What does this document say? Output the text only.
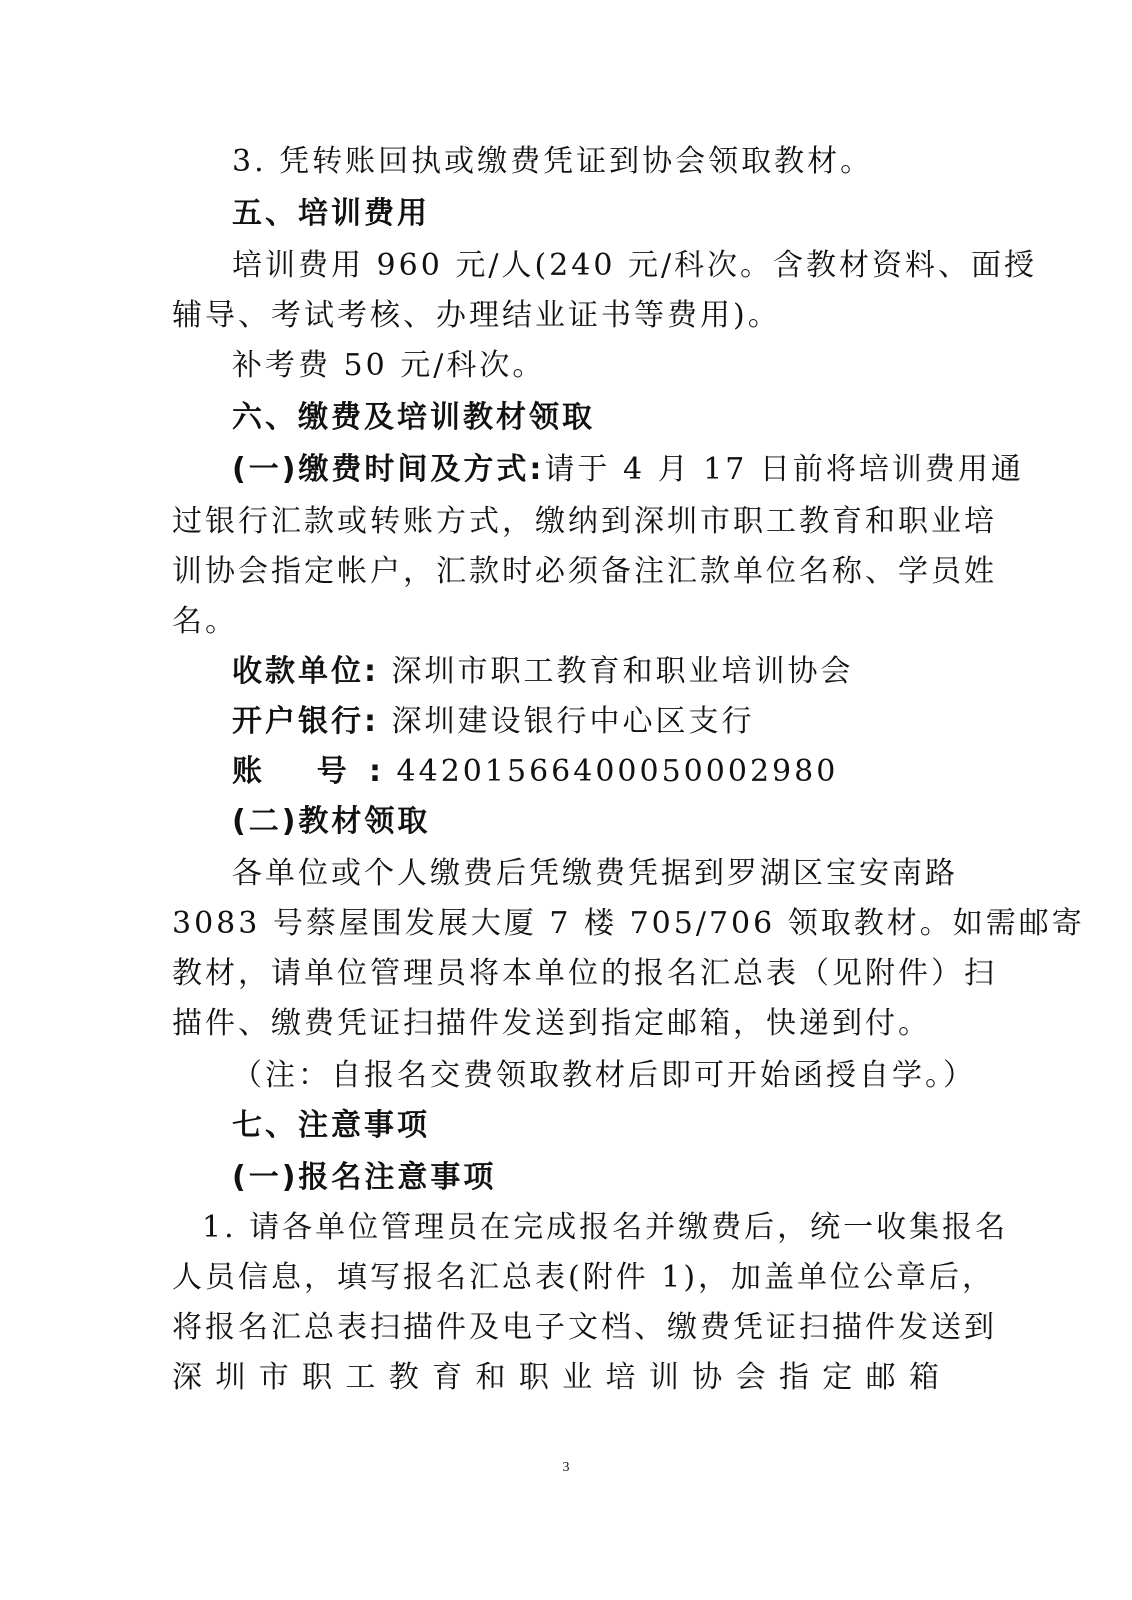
3. 凭转账回执或缴费凭证到协会领取教材。
五、培训费用
培训费用 960 元/人(240 元/科次。含教材资料、面授
辅导、考试考核、办理结业证书等费用)。
补考费 50 元/科次。
六、缴费及培训教材领取
(一)缴费时间及方式: 请于 4 月 17 日前将培训费用通
过银行汇款或转账方式，缴纳到深圳市职工教育和职业培
训协会指定帐户，汇款时必须备注汇款单位名称、学员姓
名。
收款单位: 深圳市职工教育和职业培训协会
开户银行: 深圳建设银行中心区支行
账 号: 44201566400050002980
(二)教材领取
各单位或个人缴费后凭缴费凭据到罗湖区宝安南路
3083 号蔡屋围发展大厦 7 楼 705/706 领取教材。如需邮寄
教材，请单位管理员将本单位的报名汇总表（见附件）扫
描件、缴费凭证扫描件发送到指定邮箱，快递到付。
（注：自报名交费领取教材后即可开始函授自学。）
七、注意事项
(一)报名注意事项
1. 请各单位管理员在完成报名并缴费后，统一收集报名
人员信息，填写报名汇总表(附件 1)，加盖单位公章后，
将报名汇总表扫描件及电子文档、缴费凭证扫描件发送到
深圳市职工教育和职业培训协会指定邮箱
3
